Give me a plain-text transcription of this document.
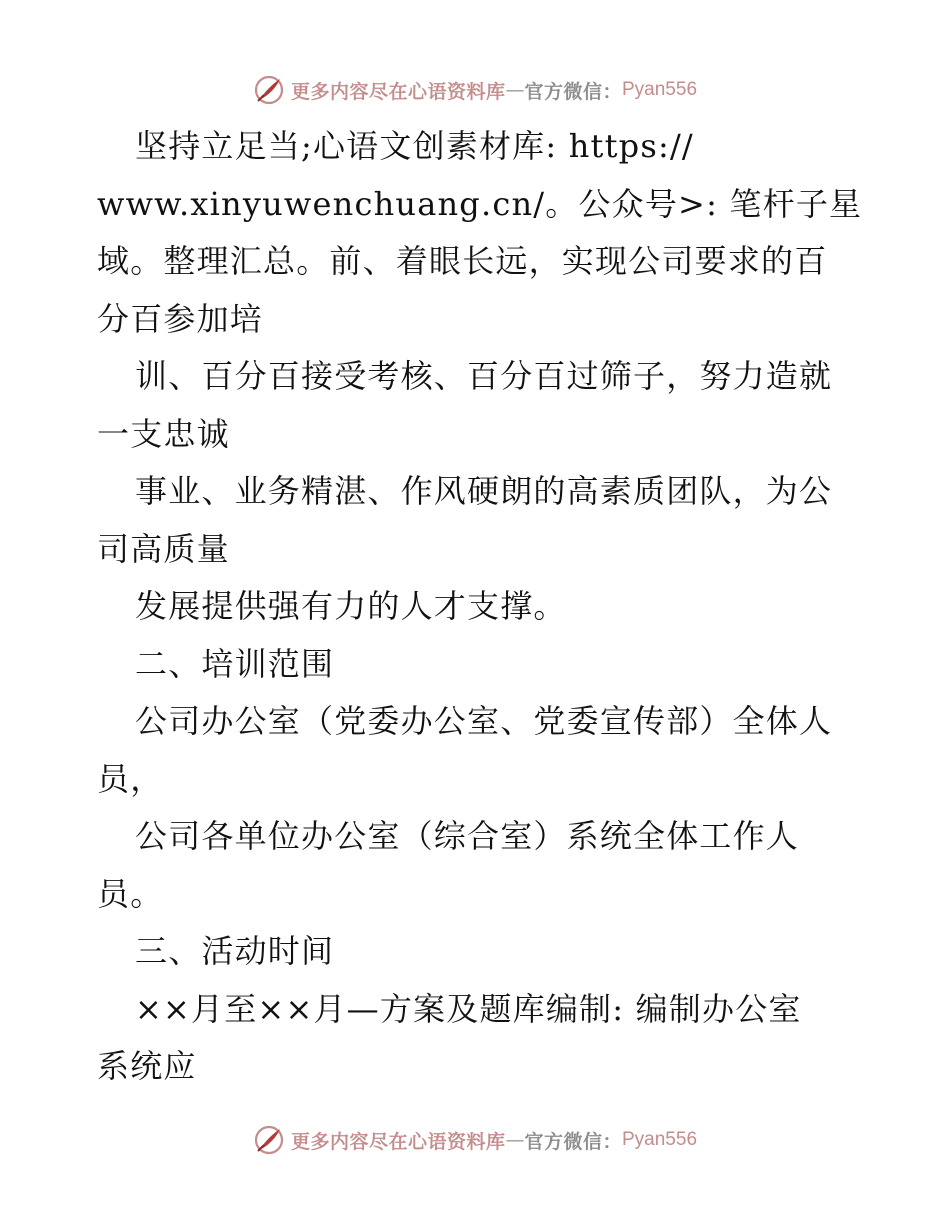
更多内容尽在心语资料库 — 官方微信： Pyan556
坚持立足当;心语文创素材库: https://
www.xinyuwenchuang.cn/。公众号>: 笔杆子星
域。整理汇总。前、着眼长远，实现公司要求的百
分百参加培
训、百分百接受考核、百分百过筛子，努力造就
一支忠诚
事业、业务精湛、作风硬朗的高素质团队，为公
司高质量
发展提供强有力的人才支撑。
二、培训范围
公司办公室（党委办公室、党委宣传部）全体人
员，
公司各单位办公室（综合室）系统全体工作人
员。
三、活动时间
××月至××月—方案及题库编制: 编制办公室
系统应
更多内容尽在心语资料库 — 官方微信： Pyan556
